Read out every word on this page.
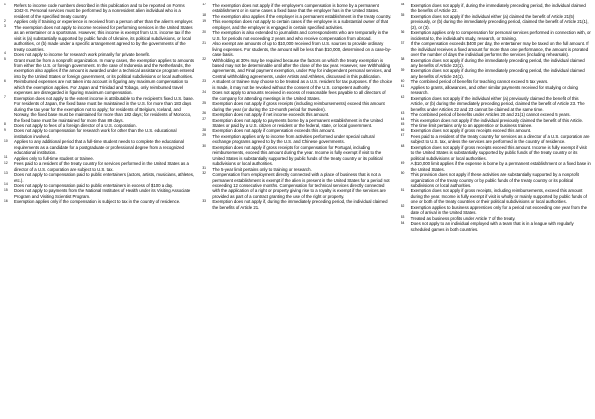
1	Refers to income code numbers described in this publication and to be reported on Forms 1042-S. Personal services must be performed by a nonresident alien individual who is a resident of the specified treaty country.

2	Applies only if training or experience is received from a person other than the alien's employer.

3	The exemption does not apply to income received for performing services in the United States as an entertainer or a sportsman. However, this income is exempt from U.S. income tax if the visit is (a) substantially supported by public funds of Ukraine, its political subdivisions, or local authorities, or (b) made under a specific arrangement agreed to by the governments of the treaty countries.

4	Does not apply to income for research work primarily for private benefit.

5	Grant must be from a nonprofit organization. In many cases, the exemption applies to amounts from either the U.S. or foreign government. In the case of Indonesia and the Netherlands, the exemption also applies if the amount is awarded under a technical assistance program entered into by the United States or foreign government, or its political subdivisions or local authorities.

6	Reimbursed expenses are not taken into account in figuring any maximum compensation to which the exemption applies. For Japan and Trinidad and Tobago, only reimbursed travel expenses are disregarded in figuring maximum compensation.

7	Exemption does not apply to the extent income is attributable to the recipient's fixed U.S. base. For residents of Japan, the fixed base must be maintained in the U.S. for more than 183 days during the tax year for the exemption not to apply; for residents of Belgium, Iceland, and Norway, the fixed base must be maintained for more than 182 days; for residents of Morocco, the fixed base must be maintained for more than 89 days.

8	Does not apply to fees of a foreign director of a U.S. corporation.

9	Does not apply to compensation for research work for other than the U.S. educational institution involved.

10	Applies to any additional period that a full-time student needs to complete the educational requirements as a candidate for a postgraduate or professional degree from a recognized educational institution.

11	Applies only to full-time student or trainee.

12	Fees paid to a resident of the treaty country for services performed in the United States as a director of a U.S. corporation are subject to U.S. tax.

13	Does not apply to compensation paid to public entertainers (actors, artists, musicians, athletes, etc.).

14	Does not apply to compensation paid to public entertainers in excess of $100 a day.

15	Does not apply to payments from the National Institutes of Health under its Visiting Associate Program and Visiting Scientist Program.

16	Exemption applies only if the compensation is subject to tax in the country of residence.

17	The exemption does not apply if the employee's compensation is borne by a permanent establishment or in some cases a fixed base that the employer has in the United States.

18	The exemption also applies if the employer is a permanent establishment in the treaty country.

19	This exemption does not apply to certain cases if the employee is a substantial owner of that employer, and the employer is engaged in certain specified activities.

20	The exemption is also extended to journalists and correspondents who are temporarily in the U.S. for periods not exceeding 2 years and who receive compensation from abroad.

21	Also exempt are amounts of up to $10,000 received from U.S. sources to provide ordinary living expenses. For students, the amount will be less than $10,000, determined on a case-by-case basis.

22	Withholding at 30% may be required because the factors on which the treaty exemption is based may not be determinable until after the close of the tax year. However, see Withholding agreements, and Final payment exemption, under Pay for independent personal services, and Central withholding agreements, under Artists and Athletes, discussed in this publication.

23	A student or trainee may choose to be treated as a U.S. resident for tax purposes. If the choice is made, it may not be revoked without the consent of the U.S. competent authority.

24	Does not apply to amounts received in excess of reasonable fees payable to all directors of the company for attending meetings in the United States.

25	Exemption does not apply if gross receipts (including reimbursements) exceed this amount during the year (or during the 12-month period for Sweden).

26	Exemption does not apply if net income exceeds this amount.

27	Exemption does not apply to payments borne by a permanent establishment in the United States or paid by a U.S. citizen or resident or the federal, state, or local government.

28	Exemption does not apply if compensation exceeds this amount.

29	The exemption applies only to income from activities performed under special cultural exchange programs agreed to by the U.S. and Chinese governments.

30	Exemption does not apply if gross receipts for compensation for Portugal, including reimbursements, exceed this amount during the year. Income is fully exempt if visit to the United States is substantially supported by public funds of the treaty country or its political subdivisions or local authorities.

31	The 5-year limit pertains only to training or research.

32	Compensation from employment directly connected with a place of business that is not a permanent establishment is exempt if the alien is present in the United States for a period not exceeding 12 consecutive months. Compensation for technical services directly connected with the application of a right or property giving rise to a royalty is exempt if the services are provided as part of a contract granting the use of the right or property.

33	Exemption does not apply if, during the immediately preceding period, the individual claimed the benefits of Article 21.

34	Exemption does not apply if, during the immediately preceding period, the individual claimed the benefits of Article 22.

35	Exemption does not apply if the individual either (a) claimed the benefit of Article 21(5) previously, or (b) during the immediately preceding period, claimed the benefit of Article 21(1), (2), or (3).

36	Exemption applies only to compensation for personal services performed in connection with, or incidental to, the individual's study, research, or training.

37	If the compensation exceeds $400 per day, the entertainer may be taxed on the full amount. If the individual receives a fixed amount for more than one performance, the amount is prorated over the number of days the individual performs the services (including rehearsals).

38	Exemption does not apply if during the immediately preceding period, the individual claimed any benefits of Article 22(1).

39	Exemption does not apply if during the immediately preceding period, the individual claimed any benefits of Article 24(1).

40	The combined period of benefits for teaching cannot exceed 5 tax years.

41	Applies to grants, allowances, and other similar payments received for studying or doing research.

42	Exemption does not apply if the individual either (a) previously claimed the benefit of this Article, or (b) during the immediately preceding period, claimed the benefit of Article 23. The benefits under Articles 22 and 23 cannot be claimed at the same time.

43	The combined period of benefits under Articles 20 and 21(1) cannot exceed 5 years.

44	This exemption does not apply if the individual previously claimed the benefit of this Article.

45	The time limit pertains only to an apprentice or business trainee.

46	Exemption does not apply if gross receipts exceed this amount.

47	Fees paid to a resident of the treaty country for services as a director of a U.S. corporation are subject to U.S. tax, unless the services are performed in the country of residence.

48	Exemption does not apply if gross receipts exceed this amount. Income is fully exempt if visit to the United States is substantially supported by public funds of the treaty country or its political subdivisions or local authorities.

49	A $10,000 limit applies if the expense is borne by a permanent establishment or a fixed base in the United States.

50	This provision does not apply if these activities are substantially supported by a nonprofit organization of the treaty country or by public funds of the treaty country or its political subdivisions or local authorities.

51	Exemption does not apply if gross receipts, including reimbursements, exceed this amount during the year. Income is fully exempt if visit is wholly or mainly supported by public funds of one or both of the treaty countries or their political subdivisions or local authorities.

52	Exemption applies to business apprentices only for a period not exceeding one year from the date of arrival in the United States.

53	Treated as business profits under Article 7 of the treaty.

54	Does not apply to an individual employed with a team that is in a league with regularly scheduled games in both countries.
